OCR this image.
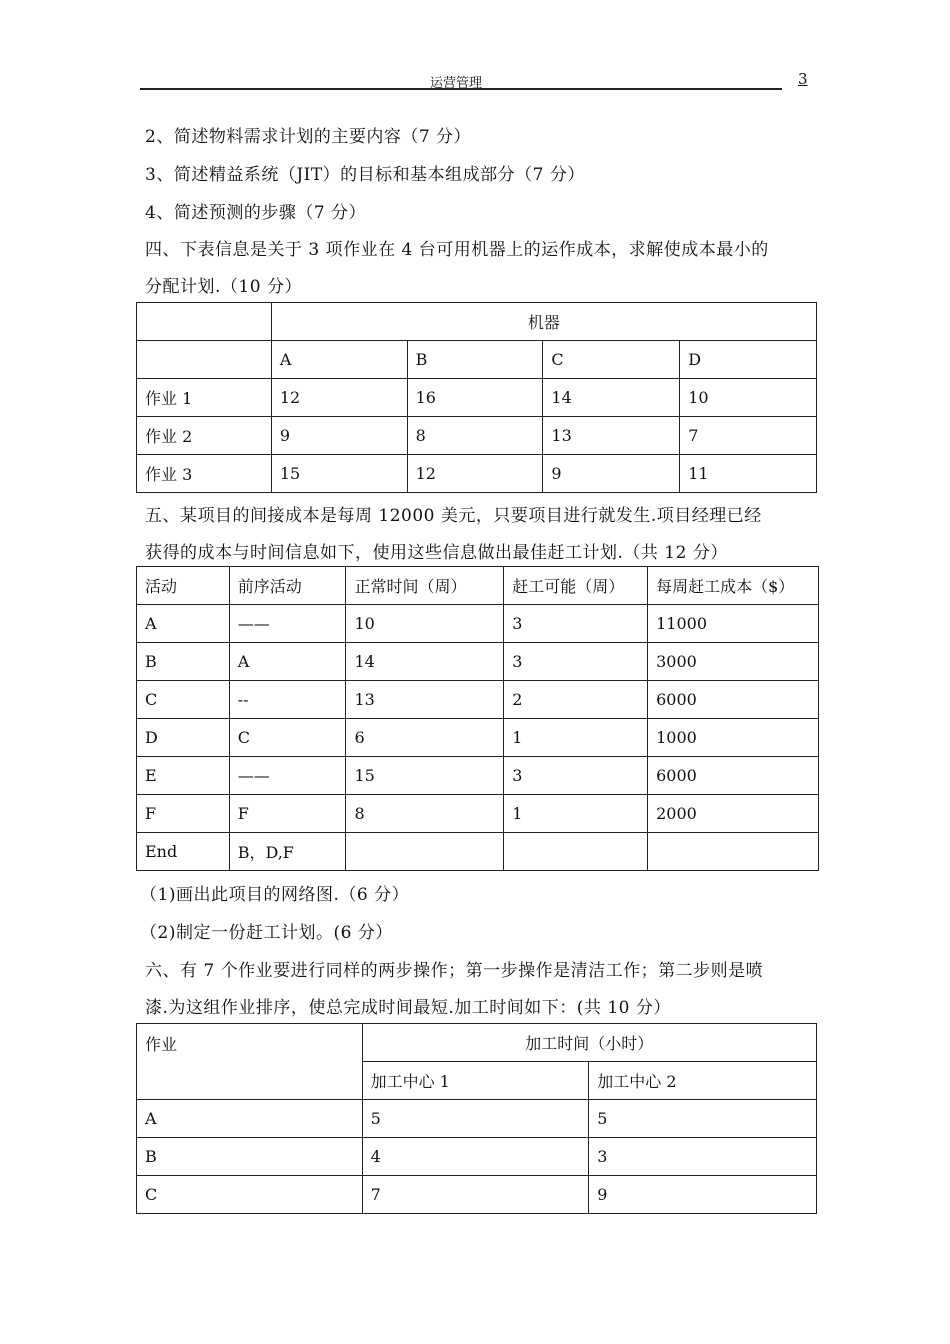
运营管理	3
2、简述物料需求计划的主要内容（7 分）
3、简述精益系统（JIT）的目标和基本组成部分（7 分）
4、简述预测的步骤（7 分）
四、下表信息是关于 3 项作业在 4 台可用机器上的运作成本，求解使成本最小的
分配计划.（10 分）
	机器			
	A	B	C	D
作业 1	12	16	14	10
作业 2	9	8	13	7
作业 3	15	12	9	11
五、某项目的间接成本是每周 12000 美元，只要项目进行就发生.项目经理已经
获得的成本与时间信息如下，使用这些信息做出最佳赶工计划.（共 12 分）
活动	前序活动	正常时间（周）	赶工可能（周）	每周赶工成本（$）
A	——	10	3	11000
B	A	14	3	3000
C	--	13	2	6000
D	C	6	1	1000
E	——	15	3	6000
F	F	8	1	2000
End	B，D,F			
（1)画出此项目的网络图.（6 分）
（2)制定一份赶工计划。(6 分）
六、有 7 个作业要进行同样的两步操作；第一步操作是清洁工作；第二步则是喷
漆.为这组作业排序，使总完成时间最短.加工时间如下：(共 10 分）
作业	加工时间（小时）	
	加工中心 1	加工中心 2
A	5	5
B	4	3
C	7	9
